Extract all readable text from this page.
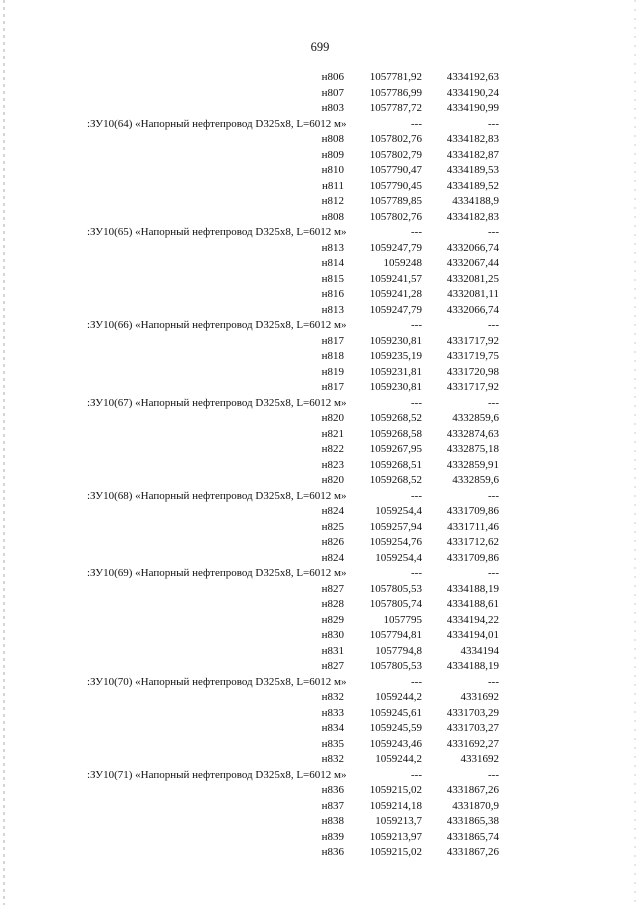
699
н806	1057781,92	4334192,63
н807	1057786,99	4334190,24
н803	1057787,72	4334190,99
:ЗУ10(64) «Напорный нефтепровод D325x8, L=6012 м»	---	---
н808	1057802,76	4334182,83
н809	1057802,79	4334182,87
н810	1057790,47	4334189,53
н811	1057790,45	4334189,52
н812	1057789,85	4334188,9
н808	1057802,76	4334182,83
:ЗУ10(65) «Напорный нефтепровод D325x8, L=6012 м»	---	---
н813	1059247,79	4332066,74
н814	1059248	4332067,44
н815	1059241,57	4332081,25
н816	1059241,28	4332081,11
н813	1059247,79	4332066,74
:ЗУ10(66) «Напорный нефтепровод D325x8, L=6012 м»	---	---
н817	1059230,81	4331717,92
н818	1059235,19	4331719,75
н819	1059231,81	4331720,98
н817	1059230,81	4331717,92
:ЗУ10(67) «Напорный нефтепровод D325x8, L=6012 м»	---	---
н820	1059268,52	4332859,6
н821	1059268,58	4332874,63
н822	1059267,95	4332875,18
н823	1059268,51	4332859,91
н820	1059268,52	4332859,6
:ЗУ10(68) «Напорный нефтепровод D325x8, L=6012 м»	---	---
н824	1059254,4	4331709,86
н825	1059257,94	4331711,46
н826	1059254,76	4331712,62
н824	1059254,4	4331709,86
:ЗУ10(69) «Напорный нефтепровод D325x8, L=6012 м»	---	---
н827	1057805,53	4334188,19
н828	1057805,74	4334188,61
н829	1057795	4334194,22
н830	1057794,81	4334194,01
н831	1057794,8	4334194
н827	1057805,53	4334188,19
:ЗУ10(70) «Напорный нефтепровод D325x8, L=6012 м»	---	---
н832	1059244,2	4331692
н833	1059245,61	4331703,29
н834	1059245,59	4331703,27
н835	1059243,46	4331692,27
н832	1059244,2	4331692
:ЗУ10(71) «Напорный нефтепровод D325x8, L=6012 м»	---	---
н836	1059215,02	4331867,26
н837	1059214,18	4331870,9
н838	1059213,7	4331865,38
н839	1059213,97	4331865,74
н836	1059215,02	4331867,26
